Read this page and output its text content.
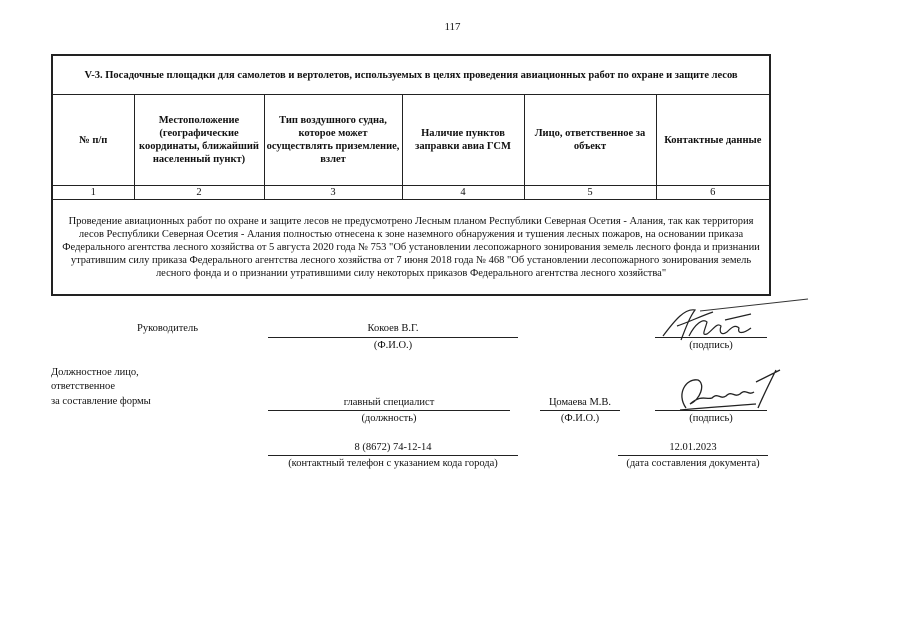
117
V-3. Посадочные площадки для самолетов и вертолетов, используемых в целях проведения авиационных работ по охране и защите лесов					
№ п/п	Местоположение (географические координаты, ближайший населенный пункт)	Тип воздушного судна, которое может осуществлять приземление, взлет	Наличие пунктов заправки авиа ГСМ	Лицо, ответственное за объект	Контактные данные
1	2	3	4	5	6
Проведение авиационных работ по охране и защите лесов не предусмотрено Лесным планом Республики Северная Осетия - Алания, так как территория лесов Республики Северная Осетия - Алания полностью отнесена к зоне наземного обнаружения и тушения лесных пожаров, на основании приказа Федерального агентства лесного хозяйства от 5 августа 2020 года № 753 "Об установлении лесопожарного зонирования земель лесного фонда и признании утратившим силу приказа Федерального агентства лесного хозяйства от 7 июня 2018 года № 468 "Об установлении лесопожарного зонирования земель лесного фонда и о признании утратившими силу некоторых приказов Федерального агентства лесного хозяйства"					
Руководитель	Кокоев В.Г.
(Ф.И.О.)	(подпись)
Должностное лицо,
ответственное
за составление формы	главный специалист
(должность)
Цомаева М.В.
(Ф.И.О.)	(подпись)
8 (8672) 74-12-14
(контактный телефон с указанием кода города)
12.01.2023
(дата составления документа)
